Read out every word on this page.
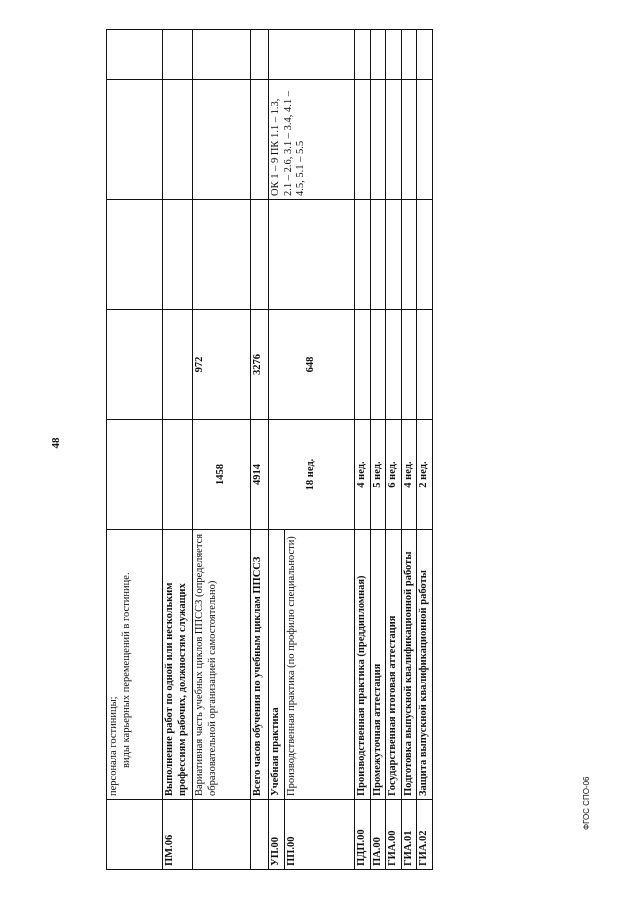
48
	персонала гостиницы; виды карьерных перемещений в гостинице.					
ПМ.06	Выполнение работ по одной или нескольким профессиям рабочих, должностям служащих					
	Вариативная часть учебных циклов ППССЗ (определяется образовательной организацией самостоятельно)	1458	972			
	Всего часов обучения по учебным циклам ППССЗ	4914	3276			
УП.00	Учебная практика	18 нед.	648		ОК 1 – 9 ПК 1.1 – 1.3, 2.1 – 2.6, 3.1 – 3.4, 4.1 – 4.5, 5.1 – 5.5	
ПП.00	Производственная практика (по профилю специальности)					
ПДП.00	Производственная практика (преддипломная)	4 нед.				
ПА.00	Промежуточная аттестация	5 нед.				
ГИА.00	Государственная итоговая аттестация	6 нед.				
ГИА.01	Подготовка выпускной квалификационной работы	4 нед.				
ГИА.02	Защита выпускной квалификационной работы	2 нед.				
ФГОС СПО-06
